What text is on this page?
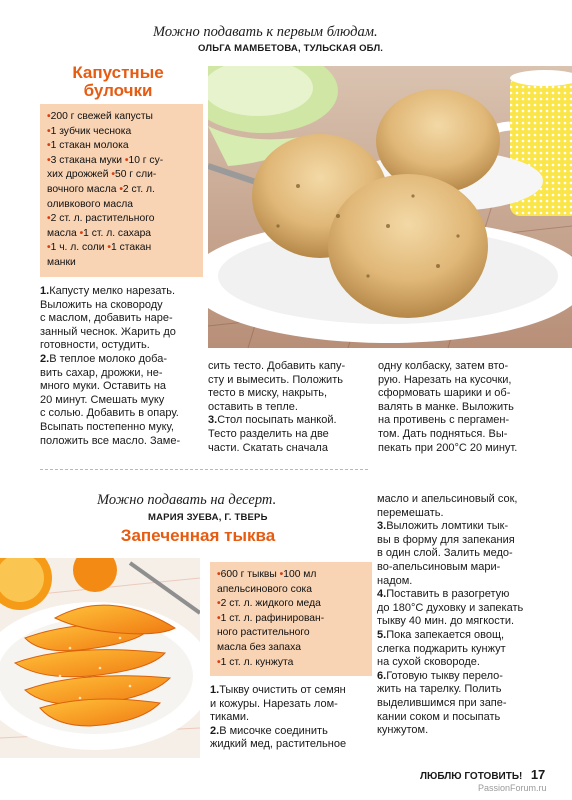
Можно подавать к первым блюдам.
ОЛЬГА МАМБЕТОВА, ТУЛЬСКАЯ ОБЛ.
Капустные
булочки
•200 г свежей капусты
•1 зубчик чеснока
•1 стакан молока
•3 стакана муки •10 г су-
хих дрожжей •50 г сли-
вочного масла •2 ст. л.
оливкового масла
•2 ст. л. растительного
масла •1 ст. л. сахара
•1 ч. л. соли •1 стакан
манки
1.Капусту мелко нарезать.
Выложить на сковороду
с маслом, добавить наре-
занный чеснок. Жарить до
готовности, остудить.
2.В теплое молоко доба-
вить сахар, дрожжи, не-
много муки. Оставить на
20 минут. Смешать муку
с солью. Добавить в опару.
Всыпать постепенно муку,
положить все масло. Заме-
сить тесто. Добавить капу-
сту и вымесить. Положить
тесто в миску, накрыть,
оставить в тепле.
3.Стол посыпать манкой.
Тесто разделить на две
части. Скатать сначала
одну колбаску, затем вто-
рую. Нарезать на кусочки,
сформовать шарики и об-
валять в манке. Выложить
на противень с пергамен-
том. Дать подняться. Вы-
пекать при 200°С 20 минут.
Можно подавать на десерт.
МАРИЯ ЗУЕВА, Г. ТВЕРЬ
Запеченная тыква
•600 г тыквы •100 мл
апельсинового сока
•2 ст. л. жидкого меда
•1 ст. л. рафинирован-
ного растительного
масла без запаха
•1 ст. л. кунжута
1.Тыкву очистить от семян
и кожуры. Нарезать лом-
тиками.
2.В мисочке соединить
жидкий мед, растительное
масло и апельсиновый сок,
перемешать.
3.Выложить ломтики тык-
вы в форму для запекания
в один слой. Залить медо-
во-апельсиновым мари-
надом.
4.Поставить в разогретую
до 180°С духовку и запекать
тыкву 40 мин. до мягкости.
5.Пока запекается овощ,
слегка поджарить кунжут
на сухой сковороде.
6.Готовую тыкву перело-
жить на тарелку. Полить
выделившимся при запе-
кании соком и посыпать
кунжутом.
ЛЮБЛЮ ГОТОВИТЬ! 17
PassionForum.ru
